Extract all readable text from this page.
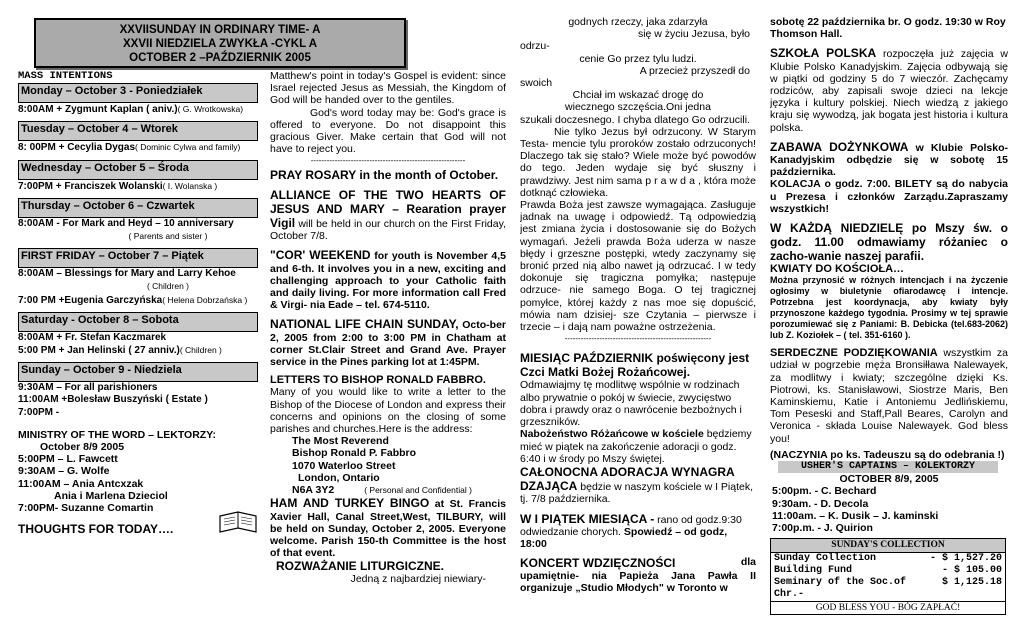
XXVIISUNDAY IN ORDINARY TIME- A
XXVII NIEDZIELA ZWYKŁA -CYKL A
OCTOBER 2 –PAŹDZIERNIK 2005
MASS INTENTIONS
Monday – October 3 - Poniedziałek
8:00AM + Zygmunt Kaplan ( aniv.)( G. Wrotkowska)
Tuesday – October 4 – Wtorek
8: 00PM + Cecylia Dygas( Dominic Cylwa and family)
Wednesday – October 5 – Środa
7:00PM + Franciszek Wolanski( I. Wolanska )
Thursday – October 6 – Czwartek
8:00AM - For Mark and Heyd – 10 anniversary
( Parents and sister )
FIRST FRIDAY – October 7 – Piątek
8:00AM – Blessings for Mary and Larry Kehoe
( Children )
7:00 PM +Eugenia Garczyńska( Helena Dobrzańska )
Saturday - October 8 – Sobota
8:00AM + Fr. Stefan Kaczmarek
5:00 PM + Jan Helinski ( 27 anniv.)( Children )
Sunday – October 9 - Niedziela
9:30AM – For all parishioners
11:00AM +Bolesław Buszyński ( Estate )
7:00PM -
MINISTRY OF THE WORD – LEKTORZY:
October 8/9 2005
5:00PM – L. Fawcett
9:30AM – G. Wolfe
11:00AM – Ania Antcxzak
Ania i Marlena Dzieciol
7:00PM- Suzanne Comartin
THOUGHTS FOR TODAY….

Matthew's point in today's Gospel is evident: since Israel rejected Jesus as Messiah, the Kingdom of God will be handed over to the gentiles.

God's word today may be: God's grace is offered to everyone. Do not disappoint this gracious Giver. Make certain that God will not have to reject you.

----------------------------------------------------------
PRAY ROSARY in the month of October.

ALLIANCE OF THE TWO HEARTS OF JESUS AND MARY – Rearation prayer Vigil will be held in our church on the First Friday, October 7/8.

"COR' WEEKEND for youth is November 4,5 and 6-th. It involves you in a new, exciting and challenging approach to your Catholic faith and daily living. For more information call Fred & Virgi- nia Eade – tel. 674-5110.

NATIONAL LIFE CHAIN SUNDAY, Octo-ber 2, 2005 from 2:00 to 3:00 PM in Chatham at corner St.Clair Street and Grand Ave. Prayer service in the Pines parking lot at 1:45PM.

LETTERS TO BISHOP RONALD FABBRO.

Many of you would like to write a letter to the Bishop of the Diocese of London and express their concerns and opinions on the closing of some parishes and churches.Here is the address:

The Most Reverend
Bishop Ronald P. Fabbro
1070 Waterloo Street
London, Ontario
N6A 3Y2	( Personal and Confidential )

HAM AND TURKEY BINGO at St. Francis Xavier Hall, Canal Street,West, TILBURY, will be held on Sunday, October 2, 2005. Everyone welcome. Parish 150-th Committee is the host of that event.

ROZWAŻANIE LITURGICZNE.
Jedną z najbardziej niewiary-
godnych rzeczy, jaka zdarzyła
się w życiu Jezusa, było
odrzu-
cenie Go przez tylu ludzi.
A przecież przyszedł do
swoich
Chciał im wskazać drogę do
wiecznego szczęścia.Oni jedna

szukali doczesnego. I chyba dlatego Go odrzucili.

Nie tylko Jezus był odrzucony. W Starym Testa- mencie tylu proroków zostało odrzuconych! Dlaczego tak się stało? Wiele może być powodów do tego. Jeden wydaje się być słuszny i prawdziwy. Jest nim sama p r a w d a , która może dotknąć człowieka.

Prawda Boża jest zawsze wymagająca. Zasługuje jadnak na uwagę i odpowiedź. Tą odpowiedzią jest zmiana życia i dostosowanie się do Bożych wymagań. Jeżeli prawda Boża uderza w nasze błędy i grzeszne postępki, wtedy zaczynamy się bronić przed nią albo nawet ją odrzucać. I w tedy dokonuje się tragiczna pomyłka; następuje odrzuce- nie samego Boga. O tej tragicznej pomyłce, której każdy z nas moe się dopuścić, mówia nam dzisiej- sze Czytania – pierwsze i trzecie – i dają nam poważne ostrzeżenia.

-------------------------------------------------------
MIESIĄC PAŹDZIERNIK poświęcony jest
Czci Matki Bożej Rożańcowej.

Odmawiajmy tę modlitwę wspólnie w rodzinach albo prywatnie o pokój w świecie, zwycięstwo dobra i prawdy oraz o nawrócenie bezbożnych i grzeszników.

Nabożeństwo Różańcowe w kościele będziemy mieć w piątek na zakończenie adoracji o godz. 6:40 i w środy po Mszy świętej.

CAŁONOCNA ADORACJA WYNAGRA DZAJĄCA będzie w naszym kościele w I Piątek, tj. 7/8 października.

W I PIĄTEK MIESIĄCA - rano od godz.9:30 odwiedzanie chorych. Spowiedź – od godz, 18:00

KONCERT WDZIĘCZNOŚCI	dla

upamiętnie- nia Papieża Jana Pawła II organizuje „Studio Młodych" w Toronto w

sobotę 22 października br. O godz. 19:30 w Roy Thomson Hall.

SZKOŁA POLSKA rozpoczęła już zajęcia w Klubie Polsko Kanadyjskim. Zajęcia odbywają się w piątki od godziny 5 do 7 wieczór. Zachęcamy rodziców, aby zapisali swoje dzieci na lekcje języka i kultury polskiej. Niech wiedzą z jakiego kraju się wywodzą, jak bogata jest historia i kultura polska.

ZABAWA DOŻYNKOWA w Klubie Polsko-Kanadyjskim odbędzie się w sobotę 15 października.

KOLACJA o godz. 7:00. BILETY są do nabycia u Prezesa i członków Zarządu.Zapraszamy wszystkich!

W KAŻDĄ NIEDZIELĘ po Mszy św. o godz. 11.00 odmawiamy różaniec o zacho-wanie naszej parafii.

KWIATY DO KOŚCIOŁA…

Można przynosić w różnych intencjach i na życzenie ogłosimy w biuletynie ofiarodawcę i intencje. Potrzebna jest koordynacja, aby kwiaty były przynoszone każdego tygodnia. Prosimy w tej sprawie porozumiewać się z Paniami: B. Debicka (tel.683-2062) lub Z. Koziołek – ( tel. 351-6160 ).

SERDECZNE PODZIĘKOWANIA wszystkim za udział w pogrzebie męża Bronsiłława Nalewayek, za modlitwy i kwiaty; szczególne dzięki Ks. Piotrowi, ks. Stanisławowi, Siostrze Maris, Ben Kaminskiemu, Katie i Antoniemu Jedlińskiemu, Tom Peseski and Staff,Pall Beares, Carolyn and Veronica - składa Louise Nalewayek. God bless you!

(NACZYNIA po ks. Tadeuszu są do odebrania !)
USHER'S CAPTAINS – KOLEKTORZY
OCTOBER 8/9, 2005
5:00pm. - C. Bechard
9:30am. - D. Decola
11:00am. – K. Dusik – J. kaminski
7:00p.m. - J. Quirion
SUNDAY'S COLLECTION
Sunday Collection	- $ 1,527.20
Building Fund	- $ 105.00
Seminary of the Soc.of Chr.-
$ 1,125.18
GOD BLESS YOU - BÓG ZAPŁAĆ!
